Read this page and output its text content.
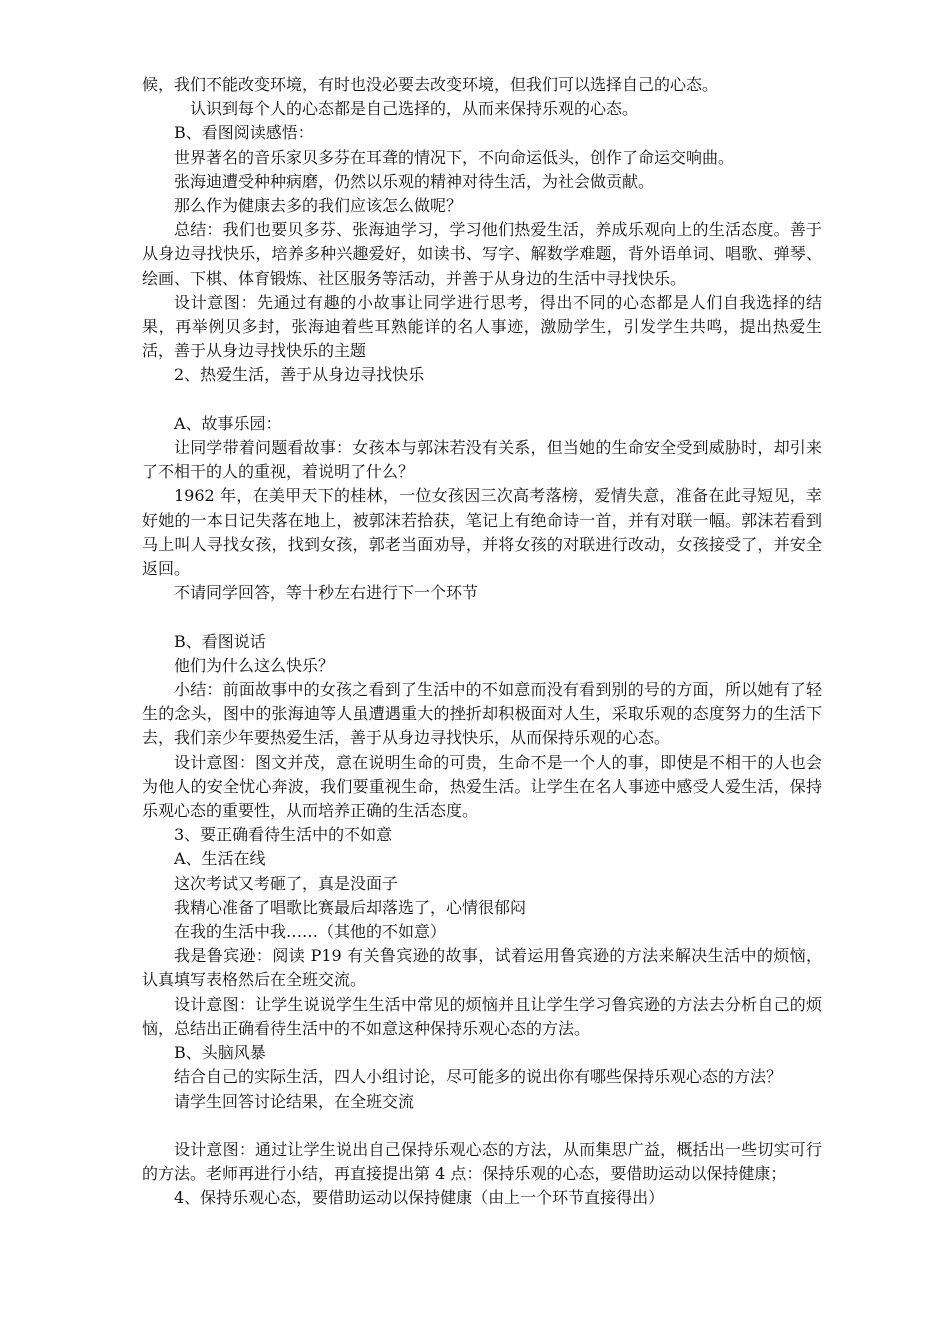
候，我们不能改变环境，有时也没必要去改变环境，但我们可以选择自己的心态。

认识到每个人的心态都是自己选择的，从而来保持乐观的心态。

B、看图阅读感悟：

世界著名的音乐家贝多芬在耳聋的情况下，不向命运低头，创作了命运交响曲。

张海迪遭受种种病磨，仍然以乐观的精神对待生活，为社会做贡献。

那么作为健康去多的我们应该怎么做呢？

总结：我们也要贝多芬、张海迪学习，学习他们热爱生活，养成乐观向上的生活态度。善于从身边寻找快乐，培养多种兴趣爱好，如读书、写字、解数学难题，背外语单词、唱歌、弹琴、绘画、下棋、体育锻炼、社区服务等活动，并善于从身边的生活中寻找快乐。

设计意图：先通过有趣的小故事让同学进行思考，得出不同的心态都是人们自我选择的结果，再举例贝多封，张海迪着些耳熟能详的名人事迹，激励学生，引发学生共鸣，提出热爱生活，善于从身边寻找快乐的主题

2、热爱生活，善于从身边寻找快乐

A、故事乐园：

让同学带着问题看故事：女孩本与郭沫若没有关系，但当她的生命安全受到威胁时，却引来了不相干的人的重视，着说明了什么？

1962 年，在美甲天下的桂林，一位女孩因三次高考落榜，爱情失意，准备在此寻短见，幸好她的一本日记失落在地上，被郭沫若拾获，笔记上有绝命诗一首，并有对联一幅。郭沫若看到马上叫人寻找女孩，找到女孩，郭老当面劝导，并将女孩的对联进行改动，女孩接受了，并安全返回。

不请同学回答，等十秒左右进行下一个环节

B、看图说话

他们为什么这么快乐？

小结：前面故事中的女孩之看到了生活中的不如意而没有看到别的号的方面，所以她有了轻生的念头，图中的张海迪等人虽遭遇重大的挫折却积极面对人生，采取乐观的态度努力的生活下去，我们亲少年要热爱生活，善于从身边寻找快乐，从而保持乐观的心态。

设计意图：图文并茂，意在说明生命的可贵，生命不是一个人的事，即使是不相干的人也会为他人的安全忧心奔波，我们要重视生命，热爱生活。让学生在名人事迹中感受人爱生活，保持乐观心态的重要性，从而培养正确的生活态度。

3、要正确看待生活中的不如意

A、生活在线

这次考试又考砸了，真是没面子

我精心准备了唱歌比赛最后却落选了，心情很郁闷

在我的生活中我……（其他的不如意）

我是鲁宾逊：阅读 P19 有关鲁宾逊的故事，试着运用鲁宾逊的方法来解决生活中的烦恼，认真填写表格然后在全班交流。

设计意图：让学生说说学生生活中常见的烦恼并且让学生学习鲁宾逊的方法去分析自己的烦恼，总结出正确看待生活中的不如意这种保持乐观心态的方法。

B、头脑风暴

结合自己的实际生活，四人小组讨论，尽可能多的说出你有哪些保持乐观心态的方法？

请学生回答讨论结果，在全班交流

设计意图：通过让学生说出自己保持乐观心态的方法，从而集思广益，概括出一些切实可行的方法。老师再进行小结，再直接提出第 4 点：保持乐观的心态，要借助运动以保持健康；

4、保持乐观心态，要借助运动以保持健康（由上一个环节直接得出）
